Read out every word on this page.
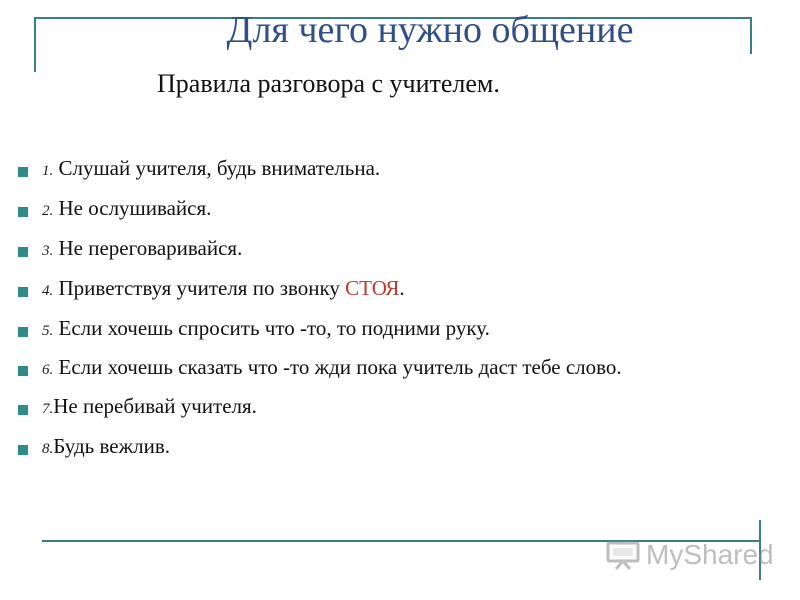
Для чего нужно общение
Правила разговора с учителем.
1. Слушай учителя, будь внимательна.
2. Не ослушивайся.
3. Не переговаривайся.
4. Приветствуя учителя по звонку СТОЯ.
5. Если хочешь спросить что -то, то подними руку.
6. Если хочешь сказать что -то жди пока учитель даст тебе слово.
7.Не перебивай учителя.
8.Будь вежлив.
MyShared
